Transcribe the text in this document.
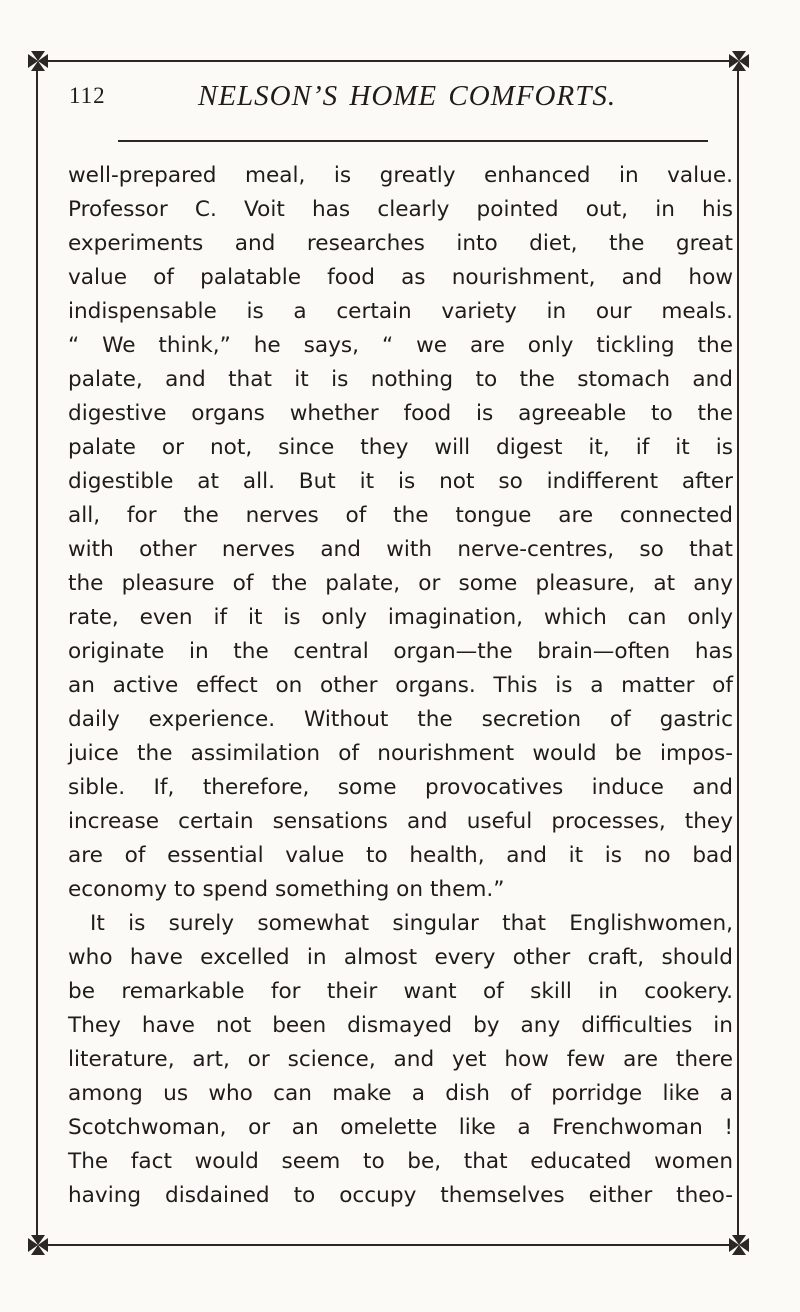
112	NELSON’S HOME COMFORTS.
well-prepared meal, is greatly enhanced in value.
Professor C. Voit has clearly pointed out, in his
experiments and researches into diet, the great
value of palatable food as nourishment, and how
indispensable is a certain variety in our meals.
“ We think,” he says, “ we are only tickling the
palate, and that it is nothing to the stomach and
digestive organs whether food is agreeable to the
palate or not, since they will digest it, if it is
digestible at all. But it is not so indifferent after
all, for the nerves of the tongue are connected
with other nerves and with nerve-centres, so that
the pleasure of the palate, or some pleasure, at any
rate, even if it is only imagination, which can only
originate in the central organ—the brain—often has
an active effect on other organs. This is a matter of
daily experience. Without the secretion of gastric
juice the assimilation of nourishment would be impos-
sible. If, therefore, some provocatives induce and
increase certain sensations and useful processes, they
are of essential value to health, and it is no bad
economy to spend something on them.”
It is surely somewhat singular that Englishwomen,
who have excelled in almost every other craft, should
be remarkable for their want of skill in cookery.
They have not been dismayed by any difficulties in
literature, art, or science, and yet how few are there
among us who can make a dish of porridge like a
Scotchwoman, or an omelette like a Frenchwoman !
The fact would seem to be, that educated women
having disdained to occupy themselves either theo-
